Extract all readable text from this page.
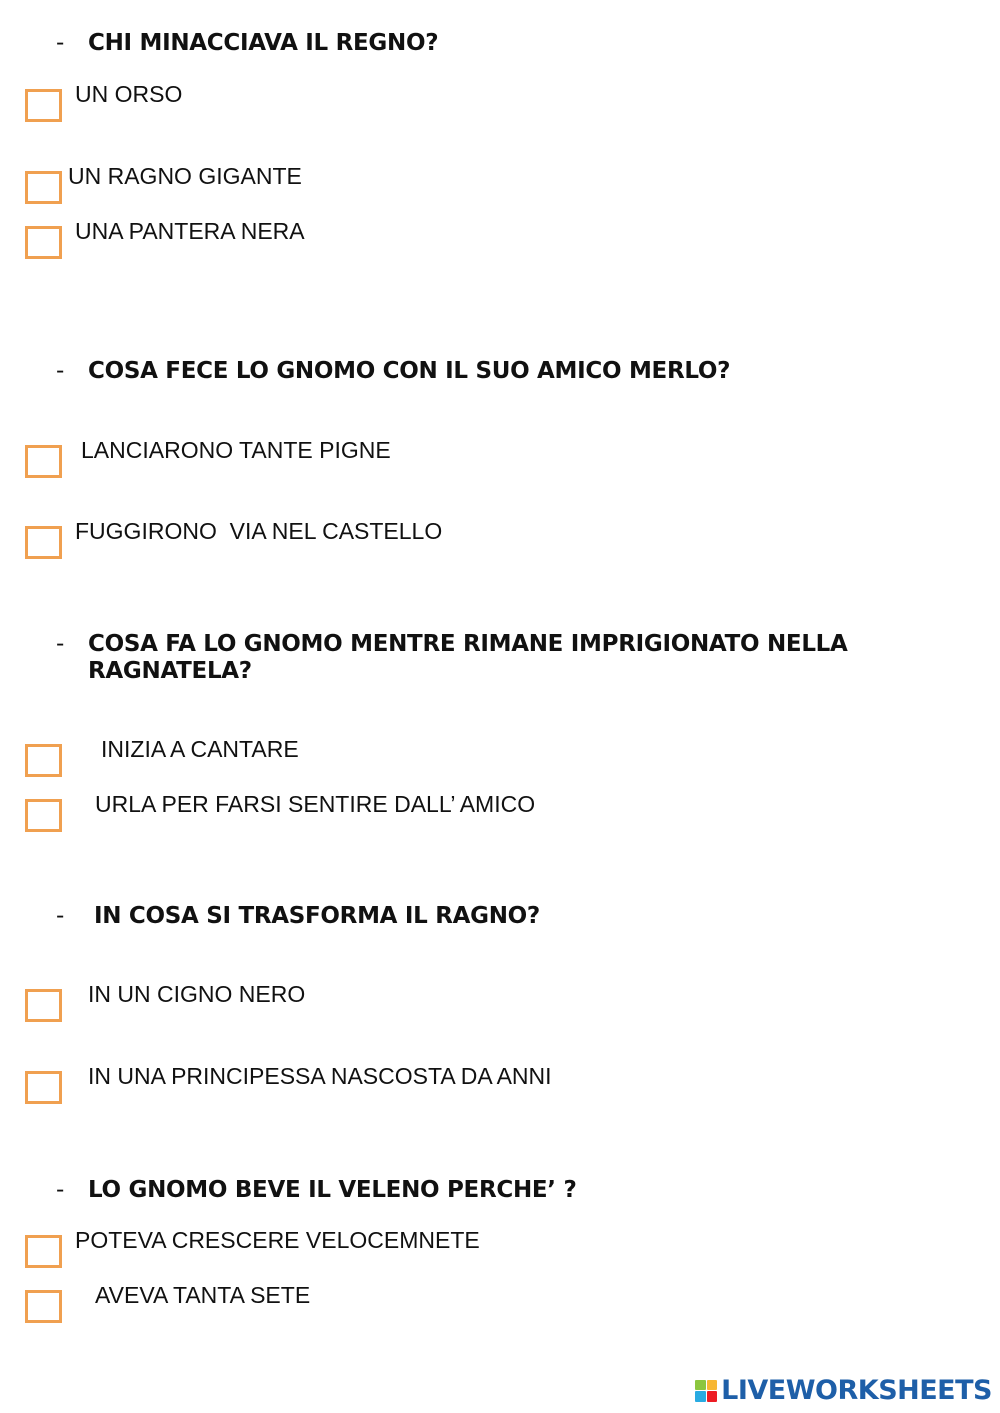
-	CHI MINACCIAVA IL REGNO?
UN ORSO
UN RAGNO GIGANTE
UNA PANTERA NERA
-	COSA FECE LO GNOMO CON IL SUO AMICO MERLO?
LANCIARONO TANTE PIGNE
FUGGIRONO  VIA NEL CASTELLO
-	COSA FA LO GNOMO MENTRE RIMANE IMPRIGIONATO NELLA RAGNATELA?
INIZIA A CANTARE
URLA PER FARSI SENTIRE DALL’ AMICO
-	IN COSA SI TRASFORMA IL RAGNO?
IN UN CIGNO NERO
IN UNA PRINCIPESSA NASCOSTA DA ANNI
-	LO GNOMO BEVE IL VELENO PERCHE’ ?
POTEVA CRESCERE VELOCEMNETE
AVEVA TANTA SETE
LIVEWORKSHEETS
